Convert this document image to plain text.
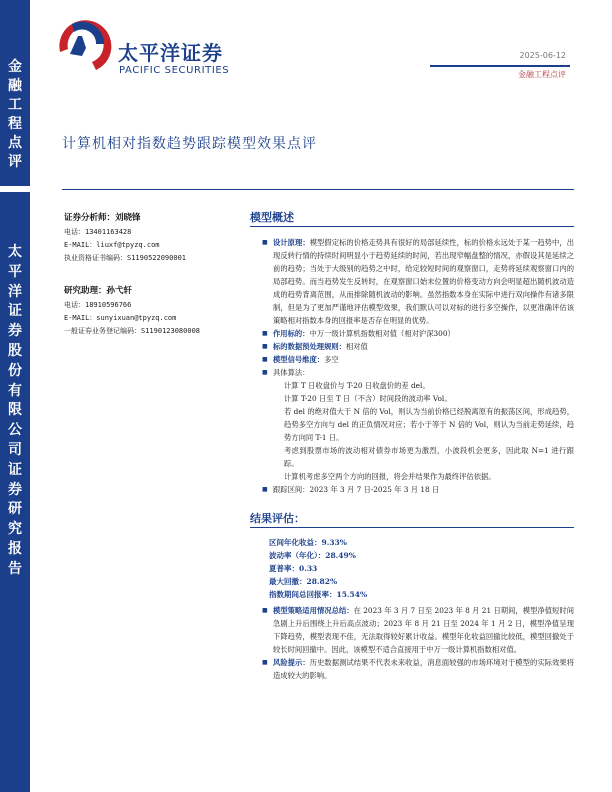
金融工程点评
太平洋证券股份有限公司证券研究报告
太平洋证券
PACIFIC SECURITIES
2025-06-12
金融工程点评
计算机相对指数趋势跟踪模型效果点评
证券分析师：刘晓锋
电话：13401163428
E-MAIL：liuxf@tpyzq.com
执业资格证书编码：S1190522090001
研究助理：孙弋轩
电话：18910596766
E-MAIL：sunyixuan@tpyzq.com
一般证券业务登记编码：S1190123080008
模型概述
■ 设计原理：模型假定标的价格走势具有很好的局部延续性，标的价格永远处于某一趋势中，出现反转行情的持续时间明显小于趋势延续的时间，若出现窄幅盘整的情况，亦假设其是延续之前的趋势；当处于大级别的趋势之中时，给定较短时间的观察窗口，走势将延续观察窗口内的局部趋势。而当趋势发生反转时，在观察窗口始末位置的价格变动方向会明显超出随机波动造成的趋势背离范围，从而排除随机波动的影响。虽然指数本身在实际中进行双向操作有诸多限制，但是为了更加严谨地评估模型效果，我们默认可以对标的进行多空操作，以更准确评估该策略相对指数本身的回报率是否存在明显的优势。
■ 作用标的：中万一级计算机指数相对值（相对沪深300）
■ 标的数据预处理规则：相对值
■ 模型信号维度：多空
■ 具体算法：
计算 T 日收盘价与 T-20 日收盘价的差 del。
计算 T-20 日至 T 日（不含）时间段的波动率 Vol。
若 del 的绝对值大于 N 倍的 Vol，则认为当前价格已经脱离原有的振荡区间，形成趋势，趋势多空方向与 del 的正负情况对应；若小于等于 N 倍的 Vol，则认为当前走势延续，趋势方向同 T-1 日。
考虑到股票市场的波动相对债券市场更为激烈，小波段机会更多，因此取 N=1 进行跟踪。
计算机考虑多空两个方向的回报，将会并结果作为最终评估依据。
■ 跟踪区间：2023 年 3 月 7 日-2025 年 3 月 18 日
结果评估：
区间年化收益：9.33%
波动率（年化）：28.49%
夏普率：0.33
最大回撤：28.82%
指数期间总回报率：15.54%
■ 模型策略适用情况总结：在 2023 年 3 月 7 日至 2023 年 8 月 21 日期间，模型净值短时间急剧上升后围绕上升后高点波动；2023 年 8 月 21 日至 2024 年 1 月 2 日，模型净值呈现下降趋势，模型表现不佳，无法取得较好累计收益。模型年化收益回撤比较低，模型回撤处于较长时间回撤中。因此，该模型不适合直接用于中万一级计算机指数相对值。
■ 风险提示：历史数据测试结果不代表未来收益，消息面较强的市场环境对于模型的实际效果将造成较大的影响。
